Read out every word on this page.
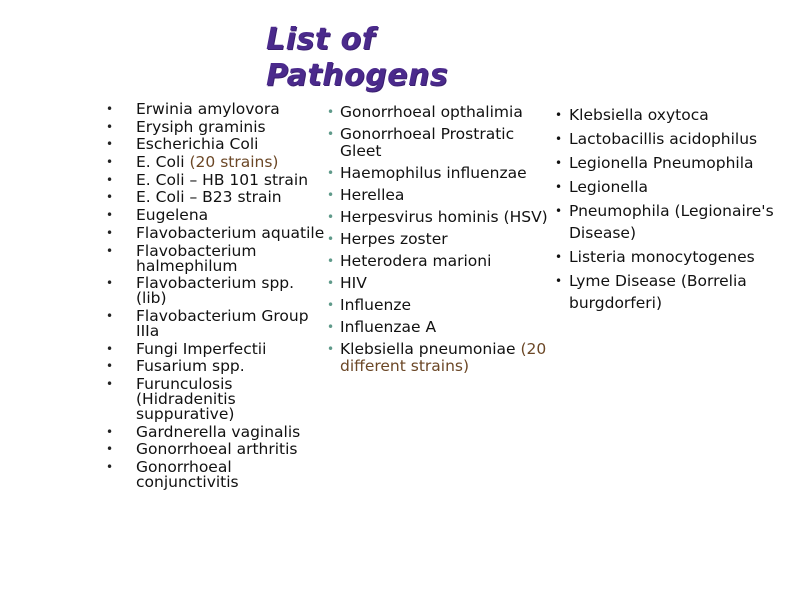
List of
Pathogens
• Erwinia amylovora
• Erysiph graminis
• Escherichia Coli
• E. Coli (20 strains)
• E. Coli – HB 101 strain
• E. Coli – B23 strain
• Eugelena
• Flavobacterium aquatile
• Flavobacterium halmephilum
• Flavobacterium spp. (lib)
• Flavobacterium Group IIIa
• Fungi Imperfectii
• Fusarium spp.
• Furunculosis (Hidradenitis suppurative)
• Gardnerella vaginalis
• Gonorrhoeal arthritis
• Gonorrhoeal conjunctivitis
• Gonorrhoeal opthalimia
• Gonorrhoeal Prostratic Gleet
• Haemophilus influenzae
• Herellea
• Herpesvirus hominis (HSV)
• Herpes zoster
• Heterodera marioni
• HIV
• Influenze
• Influenzae A
• Klebsiella pneumoniae (20 different strains)
• Klebsiella oxytoca
• Lactobacillis acidophilus
• Legionella Pneumophila
• Legionella
• Pneumophila (Legionaire's Disease)
• Listeria monocytogenes
• Lyme Disease (Borrelia burgdorferi)
